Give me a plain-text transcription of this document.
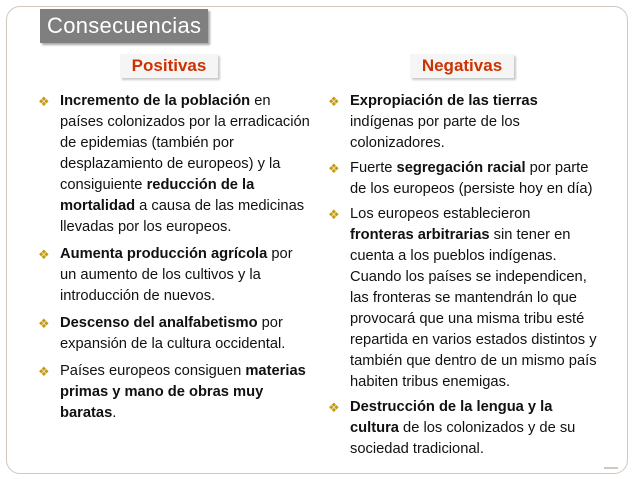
Consecuencias
Positivas	Negativas
❖ Incremento de la población en países colonizados por la erradicación de epidemias (también por desplazamiento de europeos) y la consiguiente reducción de la mortalidad a causa de las medicinas llevadas por los europeos.
❖ Aumenta producción agrícola por un aumento de los cultivos y la introducción de nuevos.
❖ Descenso del analfabetismo por expansión de la cultura occidental.
❖ Países europeos consiguen materias primas y mano de obras muy baratas.
❖ Expropiación de las tierras indígenas por parte de los colonizadores.
❖ Fuerte segregación racial por parte de los europeos (persiste hoy en día)
❖ Los europeos establecieron fronteras arbitrarias sin tener en cuenta a los pueblos indígenas. Cuando los países se independicen, las fronteras se mantendrán lo que provocará que una misma tribu esté repartida en varios estados distintos y también que dentro de un mismo país habiten tribus enemigas.
❖ Destrucción de la lengua y la cultura de los colonizados y de su sociedad tradicional.
